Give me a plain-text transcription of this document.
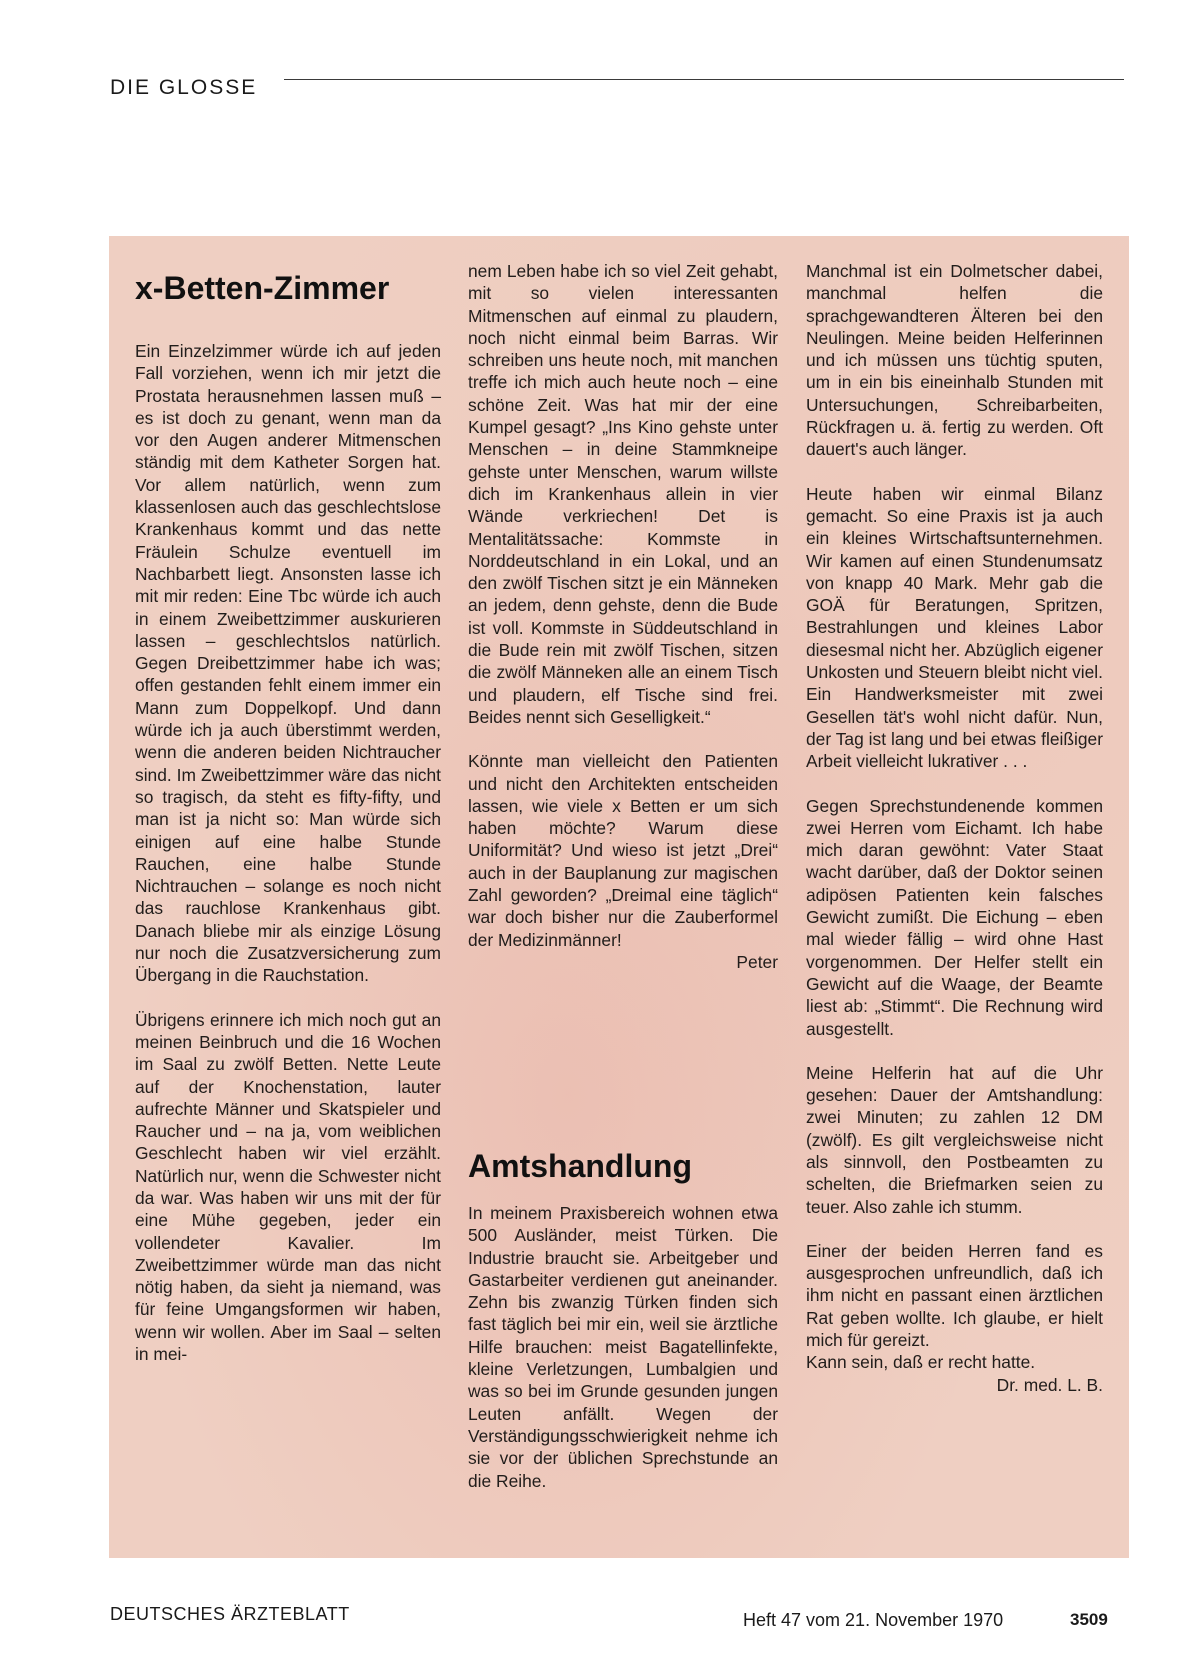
DIE GLOSSE
x-Betten-Zimmer

Ein Einzelzimmer würde ich auf jeden Fall vorziehen, wenn ich mir jetzt die Prostata herausnehmen lassen muß – es ist doch zu genant, wenn man da vor den Augen anderer Mitmenschen ständig mit dem Katheter Sorgen hat. Vor allem natürlich, wenn zum klassenlosen auch das geschlechtslose Krankenhaus kommt und das nette Fräulein Schulze eventuell im Nachbarbett liegt. Ansonsten lasse ich mit mir reden: Eine Tbc würde ich auch in einem Zweibettzimmer auskurieren lassen – geschlechtslos natürlich. Gegen Dreibettzimmer habe ich was; offen gestanden fehlt einem immer ein Mann zum Doppelkopf. Und dann würde ich ja auch überstimmt werden, wenn die anderen beiden Nichtraucher sind. Im Zweibettzimmer wäre das nicht so tragisch, da steht es fifty-fifty, und man ist ja nicht so: Man würde sich einigen auf eine halbe Stunde Rauchen, eine halbe Stunde Nichtrauchen – solange es noch nicht das rauchlose Krankenhaus gibt. Danach bliebe mir als einzige Lösung nur noch die Zusatzversicherung zum Übergang in die Rauchstation.

Übrigens erinnere ich mich noch gut an meinen Beinbruch und die 16 Wochen im Saal zu zwölf Betten. Nette Leute auf der Knochenstation, lauter aufrechte Männer und Skatspieler und Raucher und – na ja, vom weiblichen Geschlecht haben wir viel erzählt. Natürlich nur, wenn die Schwester nicht da war. Was haben wir uns mit der für eine Mühe gegeben, jeder ein vollendeter Kavalier. Im Zweibettzimmer würde man das nicht nötig haben, da sieht ja niemand, was für feine Umgangsformen wir haben, wenn wir wollen. Aber im Saal – selten in mei-

nem Leben habe ich so viel Zeit gehabt, mit so vielen interessanten Mitmenschen auf einmal zu plaudern, noch nicht einmal beim Barras. Wir schreiben uns heute noch, mit manchen treffe ich mich auch heute noch – eine schöne Zeit. Was hat mir der eine Kumpel gesagt? „Ins Kino gehste unter Menschen – in deine Stammkneipe gehste unter Menschen, warum willste dich im Krankenhaus allein in vier Wände verkriechen! Det is Mentalitätssache: Kommste in Norddeutschland in ein Lokal, und an den zwölf Tischen sitzt je ein Männeken an jedem, denn gehste, denn die Bude ist voll. Kommste in Süddeutschland in die Bude rein mit zwölf Tischen, sitzen die zwölf Männeken alle an einem Tisch und plaudern, elf Tische sind frei. Beides nennt sich Geselligkeit.“

Könnte man vielleicht den Patienten und nicht den Architekten entscheiden lassen, wie viele x Betten er um sich haben möchte? Warum diese Uniformität? Und wieso ist jetzt „Drei“ auch in der Bauplanung zur magischen Zahl geworden? „Dreimal eine täglich“ war doch bisher nur die Zauberformel der Medizinmänner!
Peter

Amtshandlung

In meinem Praxisbereich wohnen etwa 500 Ausländer, meist Türken. Die Industrie braucht sie. Arbeitgeber und Gastarbeiter verdienen gut aneinander. Zehn bis zwanzig Türken finden sich fast täglich bei mir ein, weil sie ärztliche Hilfe brauchen: meist Bagatellinfekte, kleine Verletzungen, Lumbalgien und was so bei im Grunde gesunden jungen Leuten anfällt. Wegen der Verständigungsschwierigkeit nehme ich sie vor der üblichen Sprechstunde an die Reihe.

Manchmal ist ein Dolmetscher dabei, manchmal helfen die sprachgewandteren Älteren bei den Neulingen. Meine beiden Helferinnen und ich müssen uns tüchtig sputen, um in ein bis eineinhalb Stunden mit Untersuchungen, Schreibarbeiten, Rückfragen u. ä. fertig zu werden. Oft dauert's auch länger.

Heute haben wir einmal Bilanz gemacht. So eine Praxis ist ja auch ein kleines Wirtschaftsunternehmen. Wir kamen auf einen Stundenumsatz von knapp 40 Mark. Mehr gab die GOÄ für Beratungen, Spritzen, Bestrahlungen und kleines Labor diesesmal nicht her. Abzüglich eigener Unkosten und Steuern bleibt nicht viel. Ein Handwerksmeister mit zwei Gesellen tät's wohl nicht dafür. Nun, der Tag ist lang und bei etwas fleißiger Arbeit vielleicht lukrativer . . .

Gegen Sprechstundenende kommen zwei Herren vom Eichamt. Ich habe mich daran gewöhnt: Vater Staat wacht darüber, daß der Doktor seinen adipösen Patienten kein falsches Gewicht zumißt. Die Eichung – eben mal wieder fällig – wird ohne Hast vorgenommen. Der Helfer stellt ein Gewicht auf die Waage, der Beamte liest ab: „Stimmt“. Die Rechnung wird ausgestellt.

Meine Helferin hat auf die Uhr gesehen: Dauer der Amtshandlung: zwei Minuten; zu zahlen 12 DM (zwölf). Es gilt vergleichsweise nicht als sinnvoll, den Postbeamten zu schelten, die Briefmarken seien zu teuer. Also zahle ich stumm.

Einer der beiden Herren fand es ausgesprochen unfreundlich, daß ich ihm nicht en passant einen ärztlichen Rat geben wollte. Ich glaube, er hielt mich für gereizt.
Kann sein, daß er recht hatte.
Dr. med. L. B.

DEUTSCHES ÄRZTEBLATT	Heft 47 vom 21. November 1970	3509
